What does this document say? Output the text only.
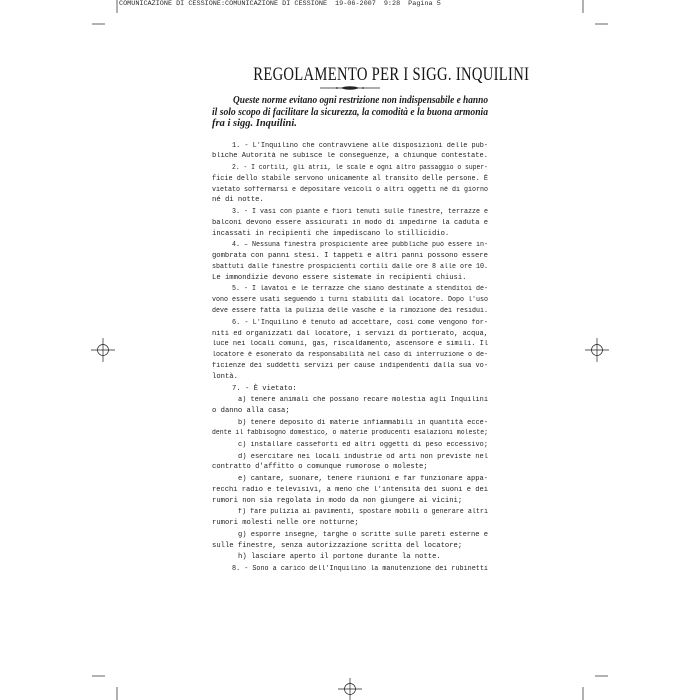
COMUNICAZIONE DI CESSIONE:COMUNICAZIONE DI CESSIONE 19-06-2007 9:28 Pagina 5
REGOLAMENTO PER I SIGG. INQUILINI
Queste norme evitano ogni restrizione non indispensabile e hanno
il solo scopo di facilitare la sicurezza, la comodità e la buona armonia
fra i sigg. Inquilini.
1. - L'Inquilino che contravviene alle disposizioni delle pub-
bliche Autorità ne subisce le conseguenze, a chiunque contestate.
2. - I cortili, gli atrii, le scale e ogni altro passaggio o super-
ficie dello stabile servono unicamente al transito delle persone. È
vietato soffermarsi e depositare veicoli o altri oggetti né di giorno
né di notte.
3. - I vasi con piante e fiori tenuti sulle finestre, terrazze e
balconi devono essere assicurati in modo di impedirne la caduta e
incassati in recipienti che impediscano lo stillicidio.
4. – Nessuna finestra prospiciente aree pubbliche può essere in-
gombrata con panni stesi. I tappeti e altri panni possono essere
sbattuti dalle finestre prospicienti cortili dalle ore 8 alle ore 10.
Le immondizie devono essere sistemate in recipienti chiusi.
5. - I lavatoi e le terrazze che siano destinate a stenditoi de-
vono essere usati seguendo i turni stabiliti dal locatore. Dopo l'uso
deve essere fatta la pulizia delle vasche e la rimozione dei residui.
6. - L'Inquilino è tenuto ad accettare, così come vengono for-
niti ed organizzati dal locatore, i servizi di portierato, acqua,
luce nei locali comuni, gas, riscaldamento, ascensore e simili. Il
locatore è esonerato da responsabilità nel caso di interruzione o de-
ficienze dei suddetti servizi per cause indipendenti dalla sua vo-
lontà.
7. - È vietato:
a) tenere animali che possano recare molestia agli Inquilini
o danno alla casa;
b) tenere deposito di materie infiammabili in quantità ecce-
dente il fabbisogno domestico, o materie producenti esalazioni moleste;
c) installare casseforti ed altri oggetti di peso eccessivo;
d) esercitare nei locali industrie od arti non previste nel
contratto d'affitto o comunque rumorose o moleste;
e) cantare, suonare, tenere riunioni e far funzionare appa-
recchi radio e televisivi, a meno che l'intensità dei suoni e dei
rumori non sia regolata in modo da non giungere ai vicini;
f) fare pulizia ai pavimenti, spostare mobili o generare altri
rumori molesti nelle ore notturne;
g) esporre insegne, targhe o scritte sulle pareti esterne e
sulle finestre, senza autorizzazione scritta del locatore;
h) lasciare aperto il portone durante la notte.
8. - Sono a carico dell'Inquilino la manutenzione dei rubinetti
